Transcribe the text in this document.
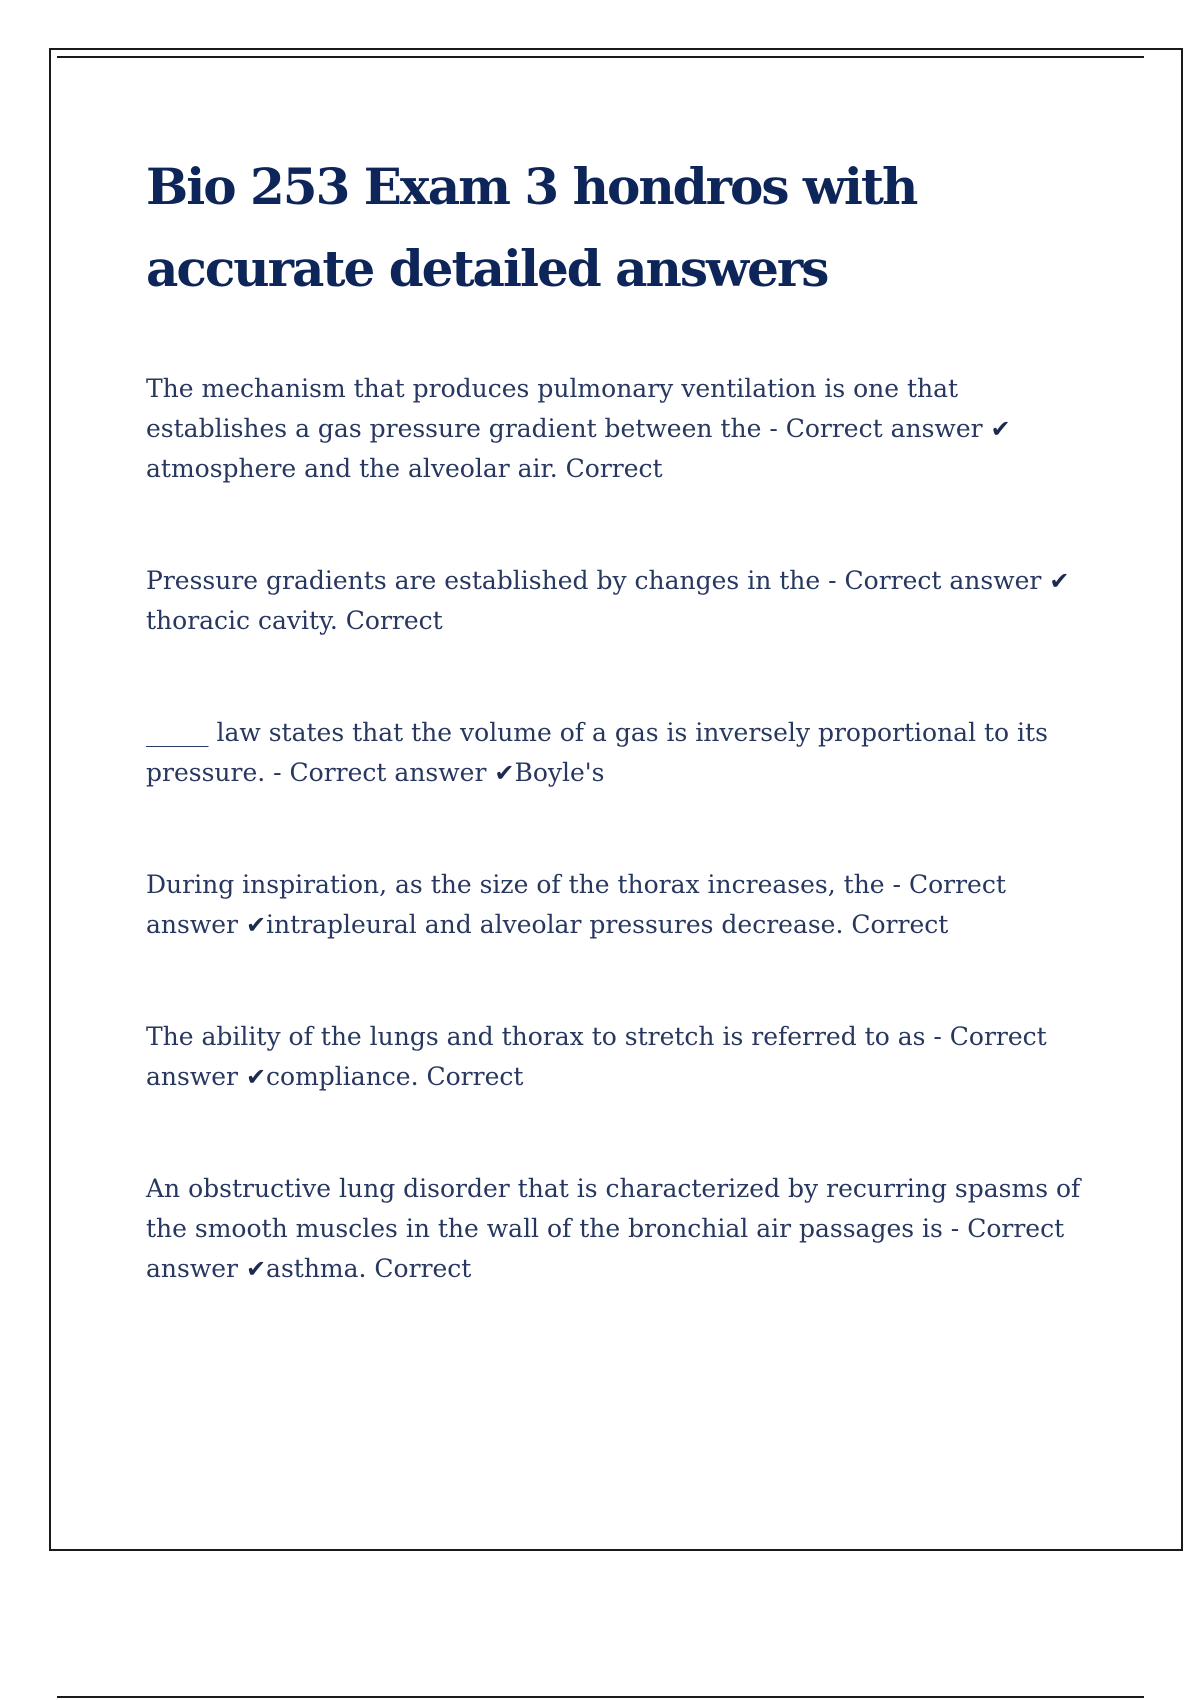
Bio 253 Exam 3 hondros with accurate detailed answers
The mechanism that produces pulmonary ventilation is one that establishes a gas pressure gradient between the - Correct answer ✔atmosphere and the alveolar air. Correct
Pressure gradients are established by changes in the - Correct answer ✔thoracic cavity. Correct
_____ law states that the volume of a gas is inversely proportional to its pressure. - Correct answer ✔Boyle's
During inspiration, as the size of the thorax increases, the - Correct answer ✔intrapleural and alveolar pressures decrease. Correct
The ability of the lungs and thorax to stretch is referred to as - Correct answer ✔compliance. Correct
An obstructive lung disorder that is characterized by recurring spasms of the smooth muscles in the wall of the bronchial air passages is - Correct answer ✔asthma. Correct
